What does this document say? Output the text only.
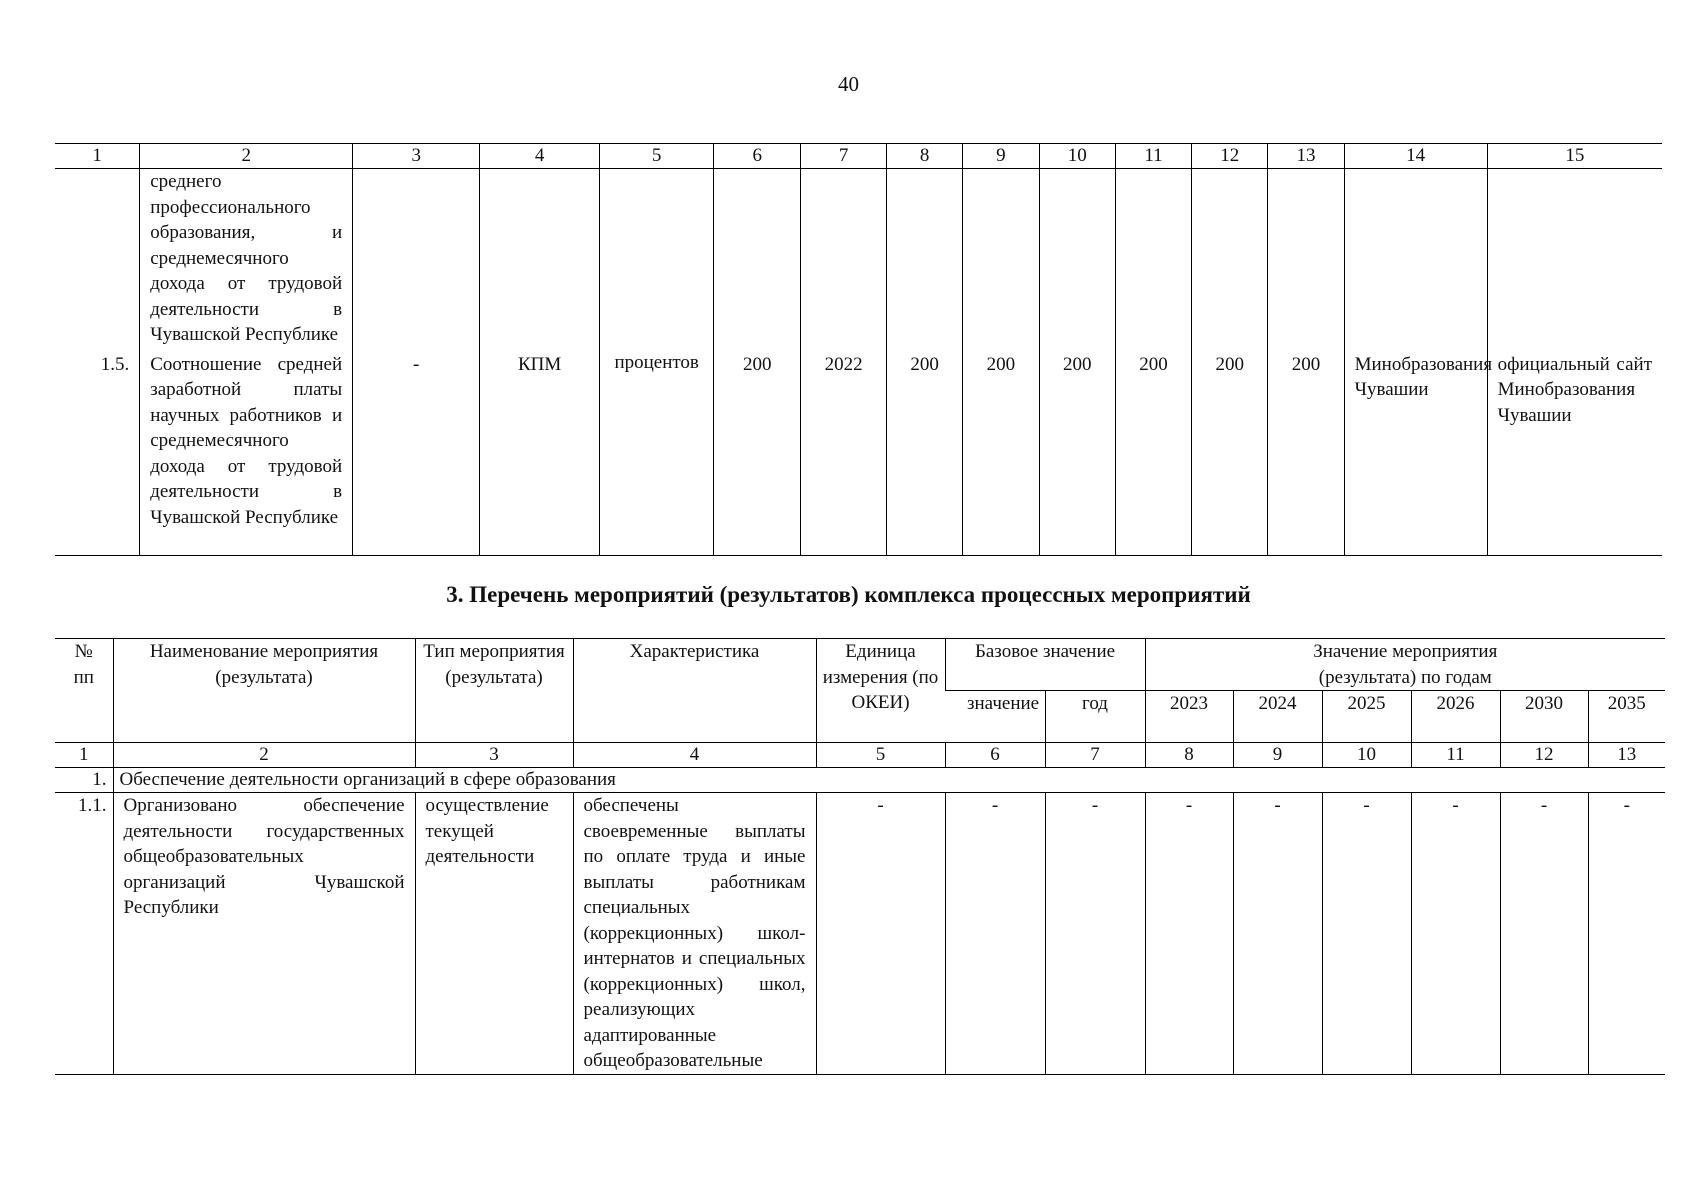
40
1	2	3	4	5	6	7	8	9	10	11	12	13	14	15
	среднего профессионального образования, и среднемесячного дохода от трудовой деятельности в Чувашской Республике													
1.5.	Соотношение средней заработной платы научных работников и среднемесячного дохода от трудовой деятельности в Чувашской Республике	-	КПМ	процентов	200	2022	200	200	200	200	200	200	Минобразования Чувашии	официальный сайт Минобразования Чувашии
3. Перечень мероприятий (результатов) комплекса процессных мероприятий
№ пп	Наименование мероприятия (результата)	Тип мероприятия (результата)	Характеристика	Единица измерения (по ОКЕИ)	Базовое значение		Значение мероприятия (результата) по годам					
					значение	год	2023	2024	2025	2026	2030	2035
1	2	3	4	5	6	7	8	9	10	11	12	13
1.	Обеспечение деятельности организаций в сфере образования											
1.1.	Организовано обеспечение деятельности государственных общеобразовательных организаций Чувашской Республики	осуществление текущей деятельности	обеспечены своевременные выплаты по оплате труда и иные выплаты работникам специальных (коррекционных) школ-интернатов и специальных (коррекционных) школ, реализующих адаптированные общеобразовательные	-	-	-	-	-	-	-	-	-
